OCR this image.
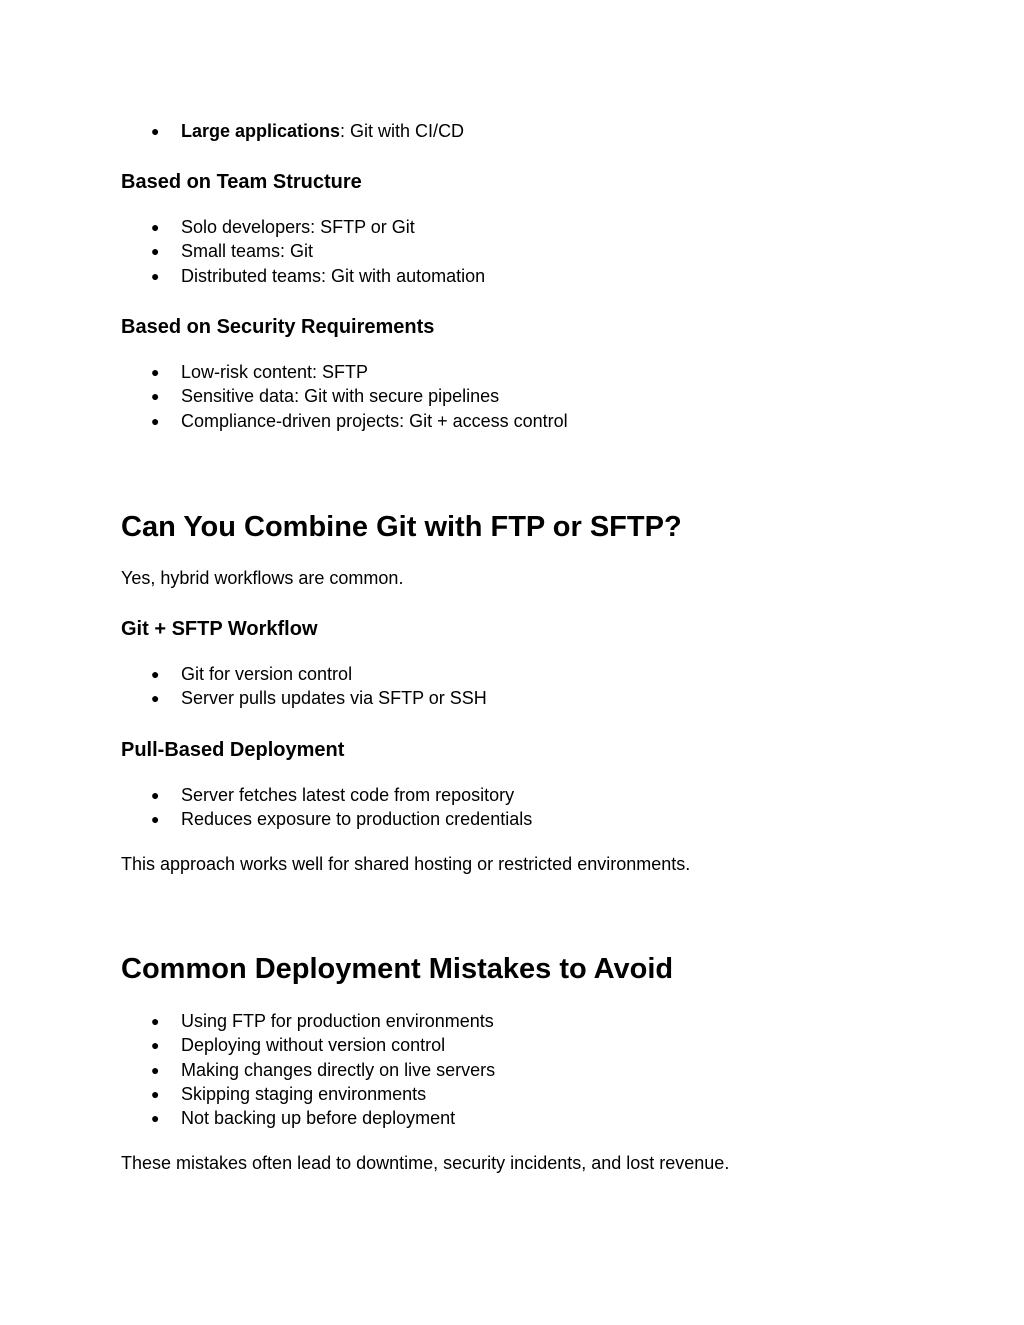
● Large applications: Git with CI/CD
Based on Team Structure
● Solo developers: SFTP or Git
● Small teams: Git
● Distributed teams: Git with automation
Based on Security Requirements
● Low-risk content: SFTP
● Sensitive data: Git with secure pipelines
● Compliance-driven projects: Git + access control
Can You Combine Git with FTP or SFTP?
Yes, hybrid workflows are common.
Git + SFTP Workflow
● Git for version control
● Server pulls updates via SFTP or SSH
Pull-Based Deployment
● Server fetches latest code from repository
● Reduces exposure to production credentials
This approach works well for shared hosting or restricted environments.
Common Deployment Mistakes to Avoid
● Using FTP for production environments
● Deploying without version control
● Making changes directly on live servers
● Skipping staging environments
● Not backing up before deployment
These mistakes often lead to downtime, security incidents, and lost revenue.
